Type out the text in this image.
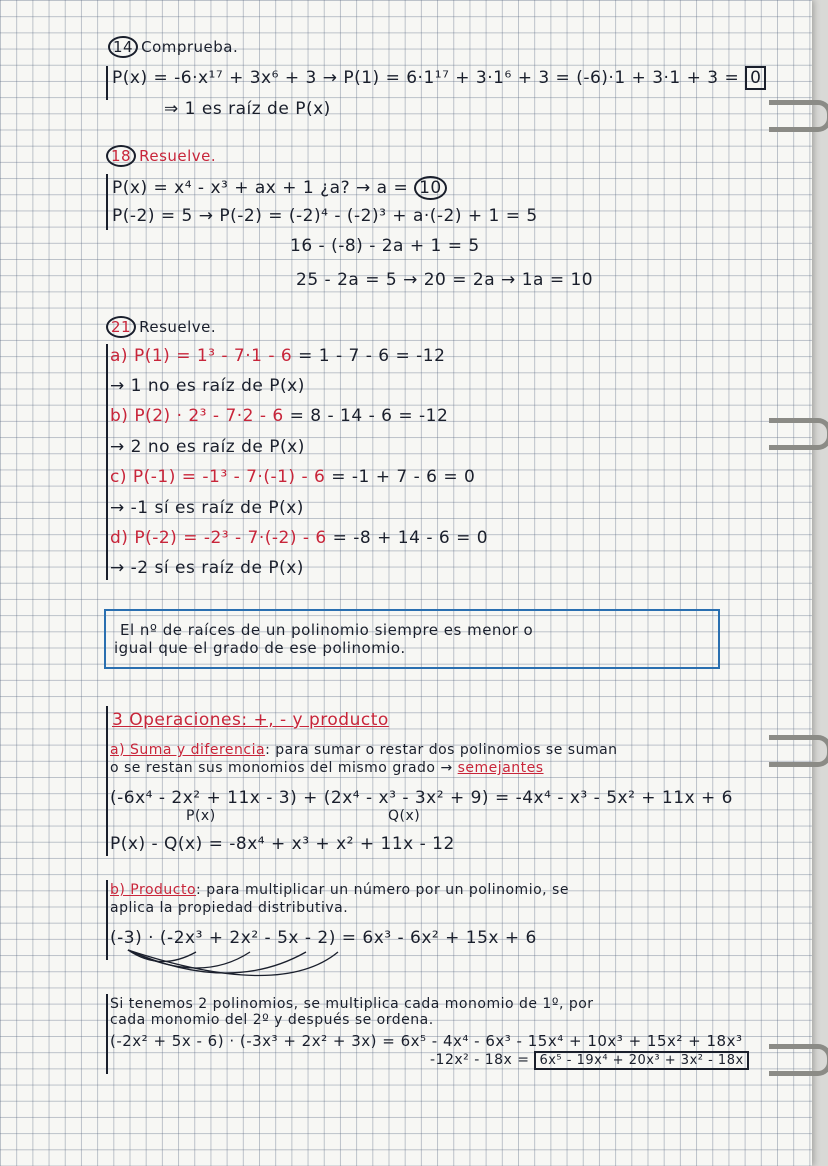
14 Comprueba.
P(x) = -6·x¹⁷ + 3x⁶ + 3 → P(1) = 6·1¹⁷ + 3·1⁶ + 3 = (-6)·1 + 3·1 + 3 = 0
⇒ 1 es raíz de P(x)
18 Resuelve.
P(x) = x⁴ - x³ + ax + 1 ¿a? → a = 10
P(-2) = 5 → P(-2) = (-2)⁴ - (-2)³ + a·(-2) + 1 = 5
16 - (-8) - 2a + 1 = 5
25 - 2a = 5 → 20 = 2a → 1a = 10
21 Resuelve.
a) P(1) = 1³ - 7·1 - 6 = 1 - 7 - 6 = -12
→ 1 no es raíz de P(x)
b) P(2) · 2³ - 7·2 - 6 = 8 - 14 - 6 = -12
→ 2 no es raíz de P(x)
c) P(-1) = -1³ - 7·(-1) - 6 = -1 + 7 - 6 = 0
→ -1 sí es raíz de P(x)
d) P(-2) = -2³ - 7·(-2) - 6 = -8 + 14 - 6 = 0
→ -2 sí es raíz de P(x)
El nº de raíces de un polinomio siempre es menor o
igual que el grado de ese polinomio.
3 Operaciones: +, - y producto
a) Suma y diferencia: para sumar o restar dos polinomios se suman
o se restan sus monomios del mismo grado → semejantes
(-6x⁴ - 2x² + 11x - 3) + (2x⁴ - x³ - 3x² + 9) = -4x⁴ - x³ - 5x² + 11x + 6
P(x)	Q(x)
P(x) - Q(x) = -8x⁴ + x³ + x² + 11x - 12
b) Producto: para multiplicar un número por un polinomio, se
aplica la propiedad distributiva.
(-3) · (-2x³ + 2x² - 5x - 2) = 6x³ - 6x² + 15x + 6
Si tenemos 2 polinomios, se multiplica cada monomio de 1º, por
cada monomio del 2º y después se ordena.
(-2x² + 5x - 6) · (-3x³ + 2x² + 3x) = 6x⁵ - 4x⁴ - 6x³ - 15x⁴ + 10x³ + 15x² + 18x³
-12x² - 18x = 6x⁵ - 19x⁴ + 20x³ + 3x² - 18x
